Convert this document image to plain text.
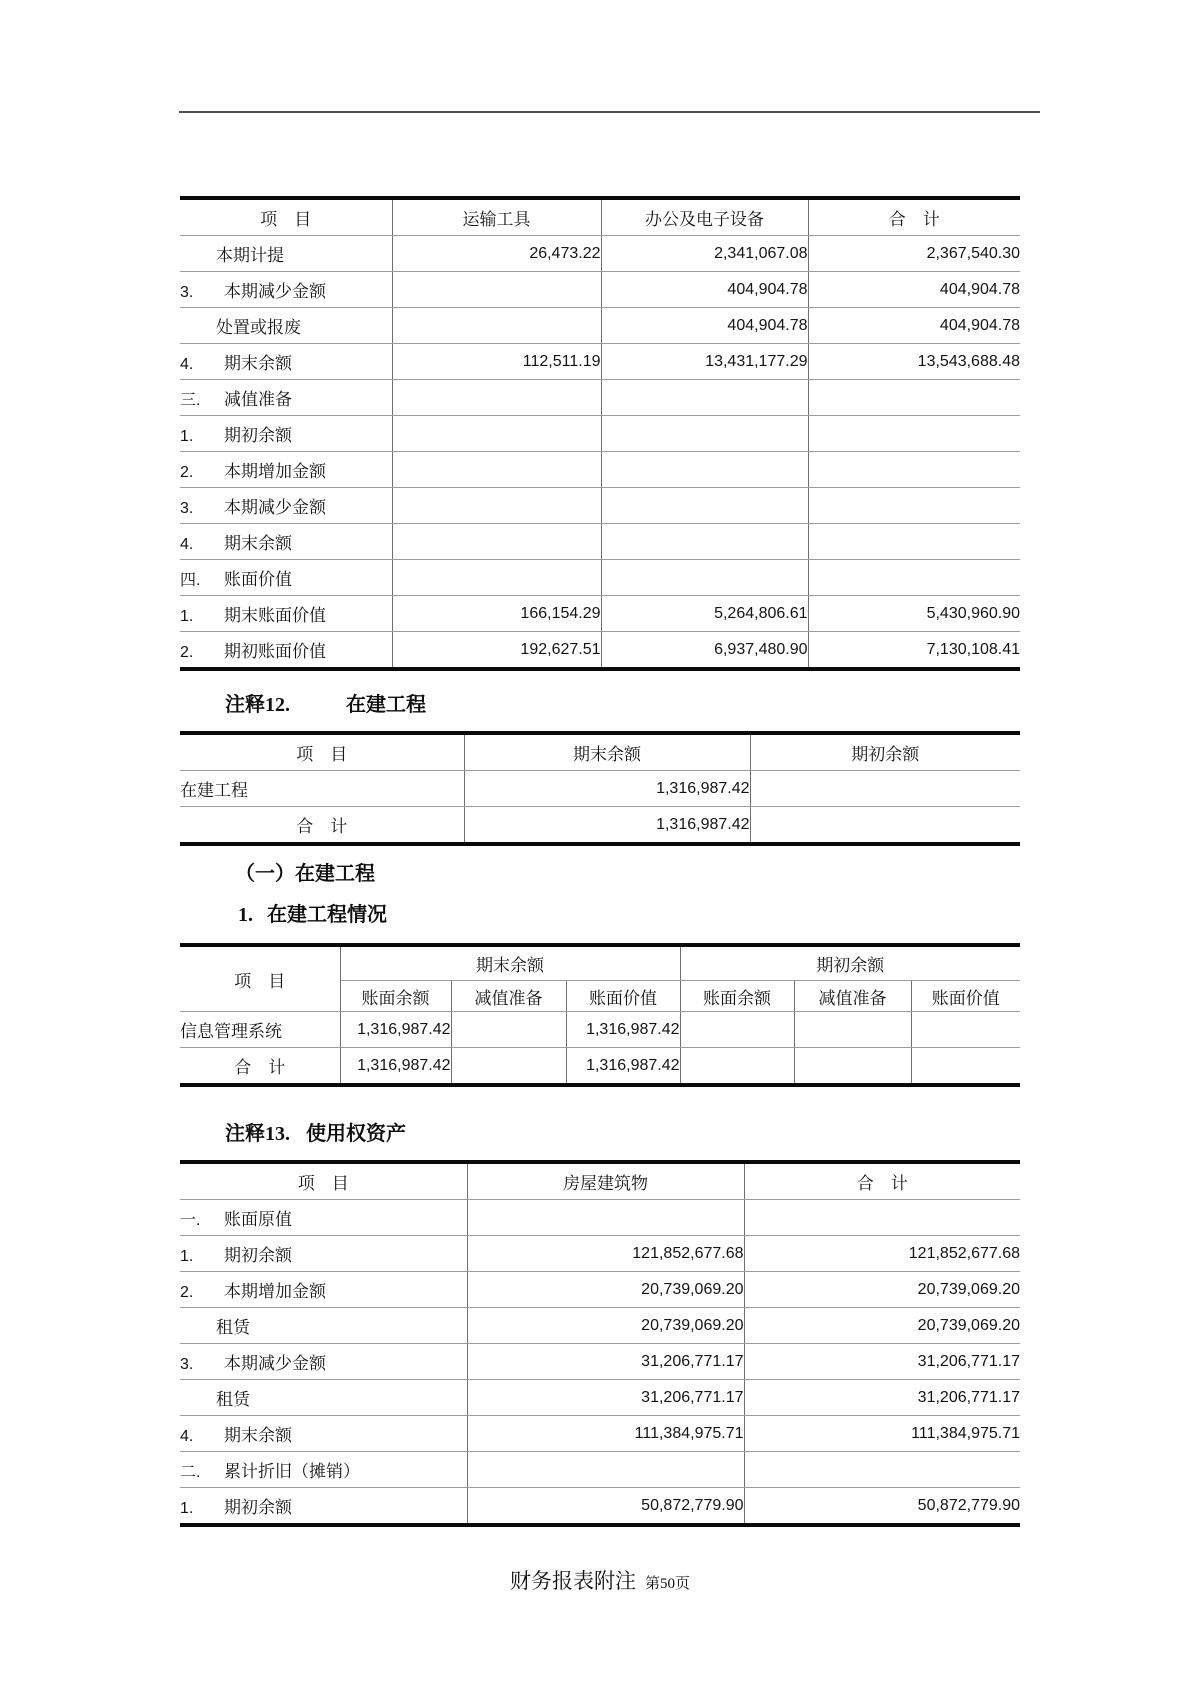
项　目	运输工具	办公及电子设备	合　计
本期计提	26,473.22	2,341,067.08	2,367,540.30
3. 本期减少金额		404,904.78	404,904.78
处置或报废		404,904.78	404,904.78
4. 期末余额	112,511.19	13,431,177.29	13,543,688.48
三. 减值准备			
1. 期初余额			
2. 本期增加金额			
3. 本期减少金额			
4. 期末余额			
四. 账面价值			
1. 期末账面价值	166,154.29	5,264,806.61	5,430,960.90
2. 期初账面价值	192,627.51	6,937,480.90	7,130,108.41
注释12.	在建工程
项　目	期末余额	期初余额
在建工程	1,316,987.42	
合　计	1,316,987.42	
（一）在建工程
1. 在建工程情况
项　目	期末余额			期初余额		
	账面余额	减值准备	账面价值	账面余额	减值准备	账面价值
信息管理系统	1,316,987.42		1,316,987.42			
合　计	1,316,987.42		1,316,987.42			
注释13. 使用权资产
项　目	房屋建筑物	合　计
一. 账面原值		
1. 期初余额	121,852,677.68	121,852,677.68
2. 本期增加金额	20,739,069.20	20,739,069.20
租赁	20,739,069.20	20,739,069.20
3. 本期减少金额	31,206,771.17	31,206,771.17
租赁	31,206,771.17	31,206,771.17
4. 期末余额	111,384,975.71	111,384,975.71
二. 累计折旧（摊销）		
1. 期初余额	50,872,779.90	50,872,779.90
财务报表附注 第50页
